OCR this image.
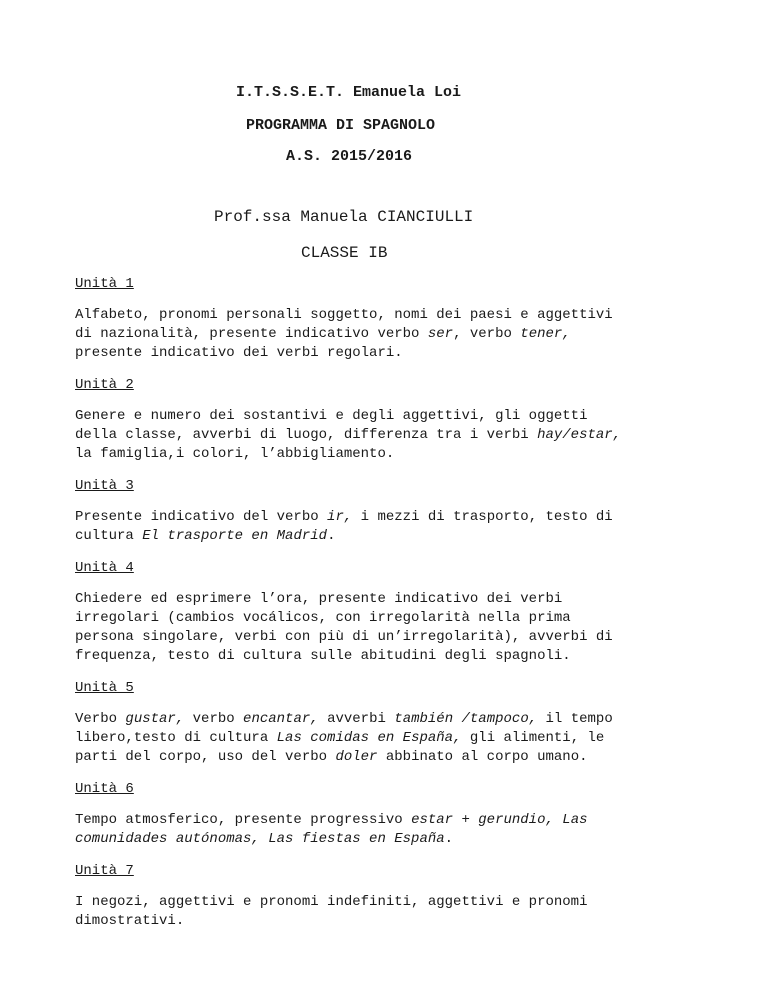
I.T.S.S.E.T. Emanuela Loi
PROGRAMMA DI SPAGNOLO
A.S. 2015/2016
Prof.ssa Manuela CIANCIULLI
CLASSE IB
Unità 1
Alfabeto, pronomi personali soggetto, nomi dei paesi e aggettivi
di nazionalità, presente indicativo verbo ser, verbo tener,
presente indicativo dei verbi regolari.
Unità 2
Genere e numero dei sostantivi e degli aggettivi, gli oggetti
della classe, avverbi di luogo, differenza tra i verbi hay/estar,
la famiglia,i colori, l’abbigliamento.
Unità 3
Presente indicativo del verbo ir, i mezzi di trasporto, testo di
cultura El trasporte en Madrid.
Unità 4
Chiedere ed esprimere l’ora, presente indicativo dei verbi
irregolari (cambios vocálicos, con irregolarità nella prima
persona singolare, verbi con più di un’irregolarità), avverbi di
frequenza, testo di cultura sulle abitudini degli spagnoli.
Unità 5
Verbo gustar, verbo encantar, avverbi también /tampoco, il tempo
libero,testo di cultura Las comidas en España, gli alimenti, le
parti del corpo, uso del verbo doler abbinato al corpo umano.
Unità 6
Tempo atmosferico, presente progressivo estar + gerundio, Las
comunidades autónomas, Las fiestas en España.
Unità 7
I negozi, aggettivi e pronomi indefiniti, aggettivi e pronomi
dimostrativi.
